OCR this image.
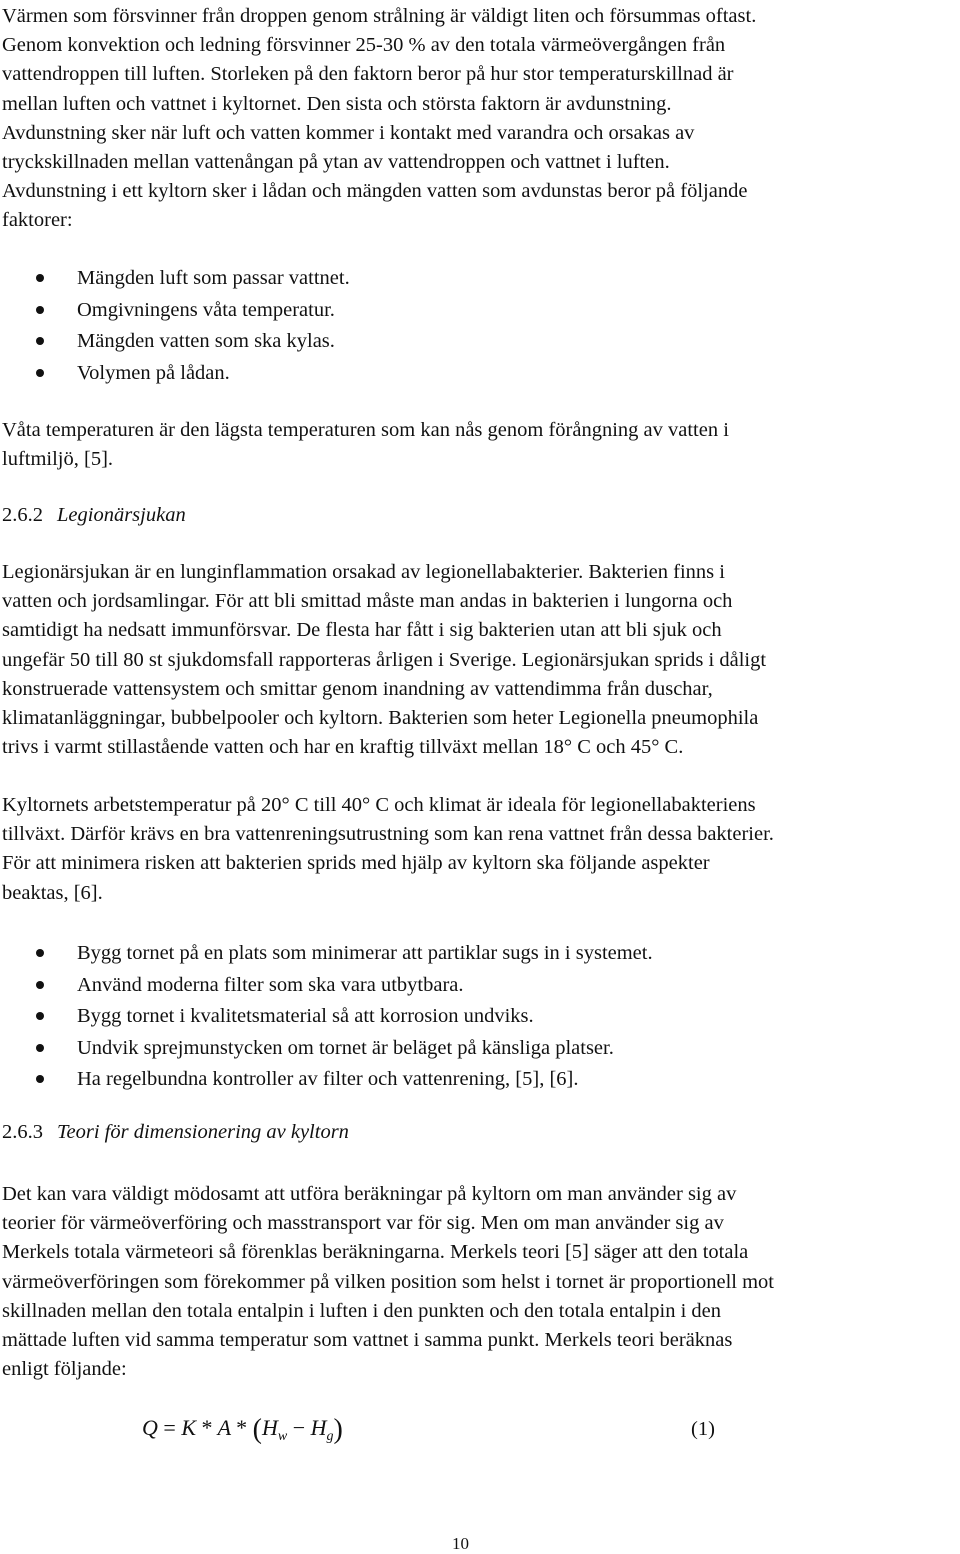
Värmen som försvinner från droppen genom strålning är väldigt liten och försummas oftast.
Genom konvektion och ledning försvinner 25-30 % av den totala värmeövergången från
vattendroppen till luften. Storleken på den faktorn beror på hur stor temperaturskillnad är
mellan luften och vattnet i kyltornet. Den sista och största faktorn är avdunstning.
Avdunstning sker när luft och vatten kommer i kontakt med varandra och orsakas av
tryckskillnaden mellan vattenångan på ytan av vattendroppen och vattnet i luften.
Avdunstning i ett kyltorn sker i lådan och mängden vatten som avdunstas beror på följande
faktorer:

Mängden luft som passar vattnet.
Omgivningens våta temperatur.
Mängden vatten som ska kylas.
Volymen på lådan.

Våta temperaturen är den lägsta temperaturen som kan nås genom förångning av vatten i
luftmiljö, [5].

2.6.2 Legionärsjukan

Legionärsjukan är en lunginflammation orsakad av legionellabakterier. Bakterien finns i
vatten och jordsamlingar. För att bli smittad måste man andas in bakterien i lungorna och
samtidigt ha nedsatt immunförsvar. De flesta har fått i sig bakterien utan att bli sjuk och
ungefär 50 till 80 st sjukdomsfall rapporteras årligen i Sverige. Legionärsjukan sprids i dåligt
konstruerade vattensystem och smittar genom inandning av vattendimma från duschar,
klimatanläggningar, bubbelpooler och kyltorn. Bakterien som heter Legionella pneumophila
trivs i varmt stillastående vatten och har en kraftig tillväxt mellan 18° C och 45° C.

Kyltornets arbetstemperatur på 20° C till 40° C och klimat är ideala för legionellabakteriens
tillväxt. Därför krävs en bra vattenreningsutrustning som kan rena vattnet från dessa bakterier.
För att minimera risken att bakterien sprids med hjälp av kyltorn ska följande aspekter
beaktas, [6].

Bygg tornet på en plats som minimerar att partiklar sugs in i systemet.
Använd moderna filter som ska vara utbytbara.
Bygg tornet i kvalitetsmaterial så att korrosion undviks.
Undvik sprejmunstycken om tornet är beläget på känsliga platser.
Ha regelbundna kontroller av filter och vattenrening, [5], [6].
2.6.3 Teori för dimensionering av kyltorn

Det kan vara väldigt mödosamt att utföra beräkningar på kyltorn om man använder sig av
teorier för värmeöverföring och masstransport var för sig. Men om man använder sig av
Merkels totala värmeteori så förenklas beräkningarna. Merkels teori [5] säger att den totala
värmeöverföringen som förekommer på vilken position som helst i tornet är proportionell mot
skillnaden mellan den totala entalpin i luften i den punkten och den totala entalpin i den
mättade luften vid samma temperatur som vattnet i samma punkt. Merkels teori beräknas
enligt följande:

$Q = K * A * (H_w - H_g)$	(1)
10
